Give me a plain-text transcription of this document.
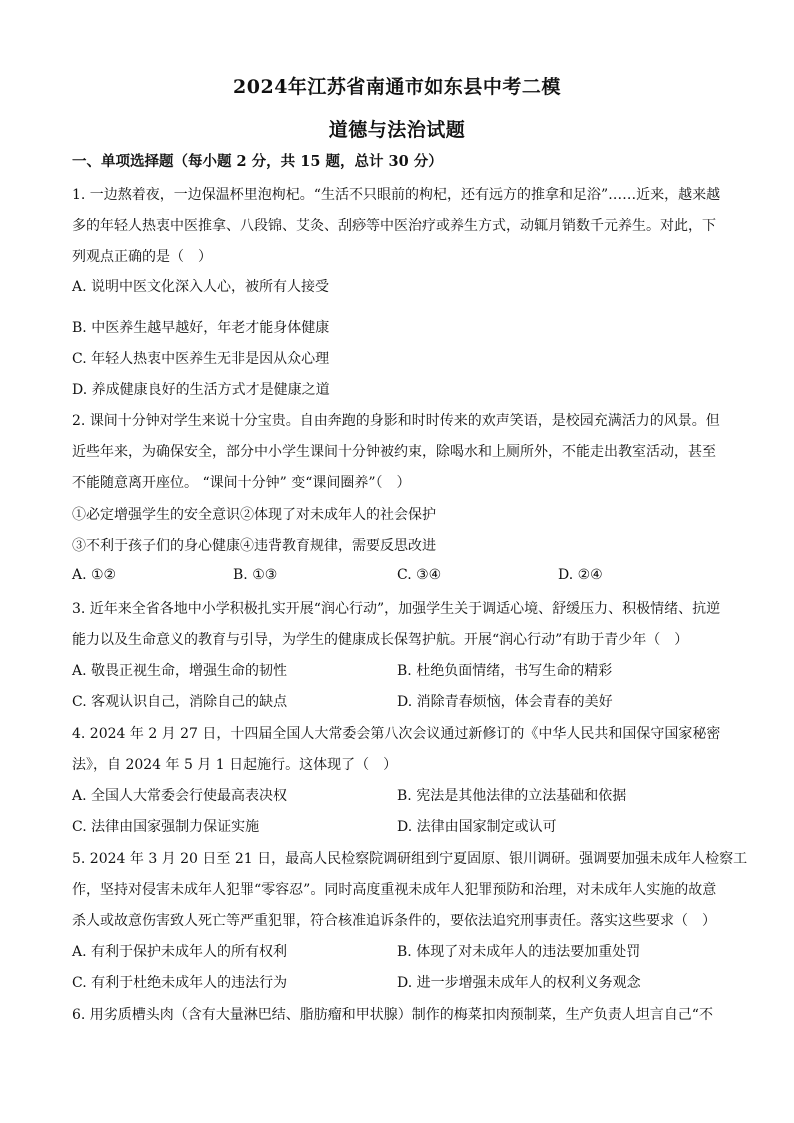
2024年江苏省南通市如东县中考二模
道德与法治试题
一、单项选择题（每小题 2 分，共 15 题，总计 30 分）
1. 一边熬着夜，一边保温杯里泡枸杞。“生活不只眼前的枸杞，还有远方的推拿和足浴”……近来，越来越
多的年轻人热衷中医推拿、八段锦、艾灸、刮痧等中医治疗或养生方式，动辄月销数千元养生。对此，下
列观点正确的是（　）
A. 说明中医文化深入人心，被所有人接受
B. 中医养生越早越好，年老才能身体健康
C. 年轻人热衷中医养生无非是因从众心理
D. 养成健康良好的生活方式才是健康之道
2. 课间十分钟对学生来说十分宝贵。自由奔跑的身影和时时传来的欢声笑语，是校园充满活力的风景。但
近些年来，为确保安全，部分中小学生课间十分钟被约束，除喝水和上厕所外，不能走出教室活动，甚至
不能随意离开座位。 “课间十分钟” 变“课间圈养”（　）
①必定增强学生的安全意识②体现了对未成年人的社会保护
③不利于孩子们的身心健康④违背教育规律，需要反思改进
A. ①②	B. ①③	C. ③④	D. ②④
3. 近年来全省各地中小学积极扎实开展“润心行动”，加强学生关于调适心境、舒缓压力、积极情绪、抗逆
能力以及生命意义的教育与引导，为学生的健康成长保驾护航。开展“润心行动”有助于青少年（　）
A. 敬畏正视生命，增强生命的韧性	B. 杜绝负面情绪，书写生命的精彩
C. 客观认识自己，消除自己的缺点	D. 消除青春烦恼，体会青春的美好
4. 2024 年 2 月 27 日，十四届全国人大常委会第八次会议通过新修订的《中华人民共和国保守国家秘密
法》，自 2024 年 5 月 1 日起施行。这体现了（　）
A. 全国人大常委会行使最高表决权	B. 宪法是其他法律的立法基础和依据
C. 法律由国家强制力保证实施	D. 法律由国家制定或认可
5. 2024 年 3 月 20 日至 21 日，最高人民检察院调研组到宁夏固原、银川调研。强调要加强未成年人检察工
作，坚持对侵害未成年人犯罪“零容忍”。同时高度重视未成年人犯罪预防和治理，对未成年人实施的故意
杀人或故意伤害致人死亡等严重犯罪，符合核准追诉条件的，要依法追究刑事责任。落实这些要求（　）
A. 有利于保护未成年人的所有权利	B. 体现了对未成年人的违法要加重处罚
C. 有利于杜绝未成年人的违法行为	D. 进一步增强未成年人的权利义务观念
6. 用劣质槽头肉（含有大量淋巴结、脂肪瘤和甲状腺）制作的梅菜扣肉预制菜，生产负责人坦言自己“不
